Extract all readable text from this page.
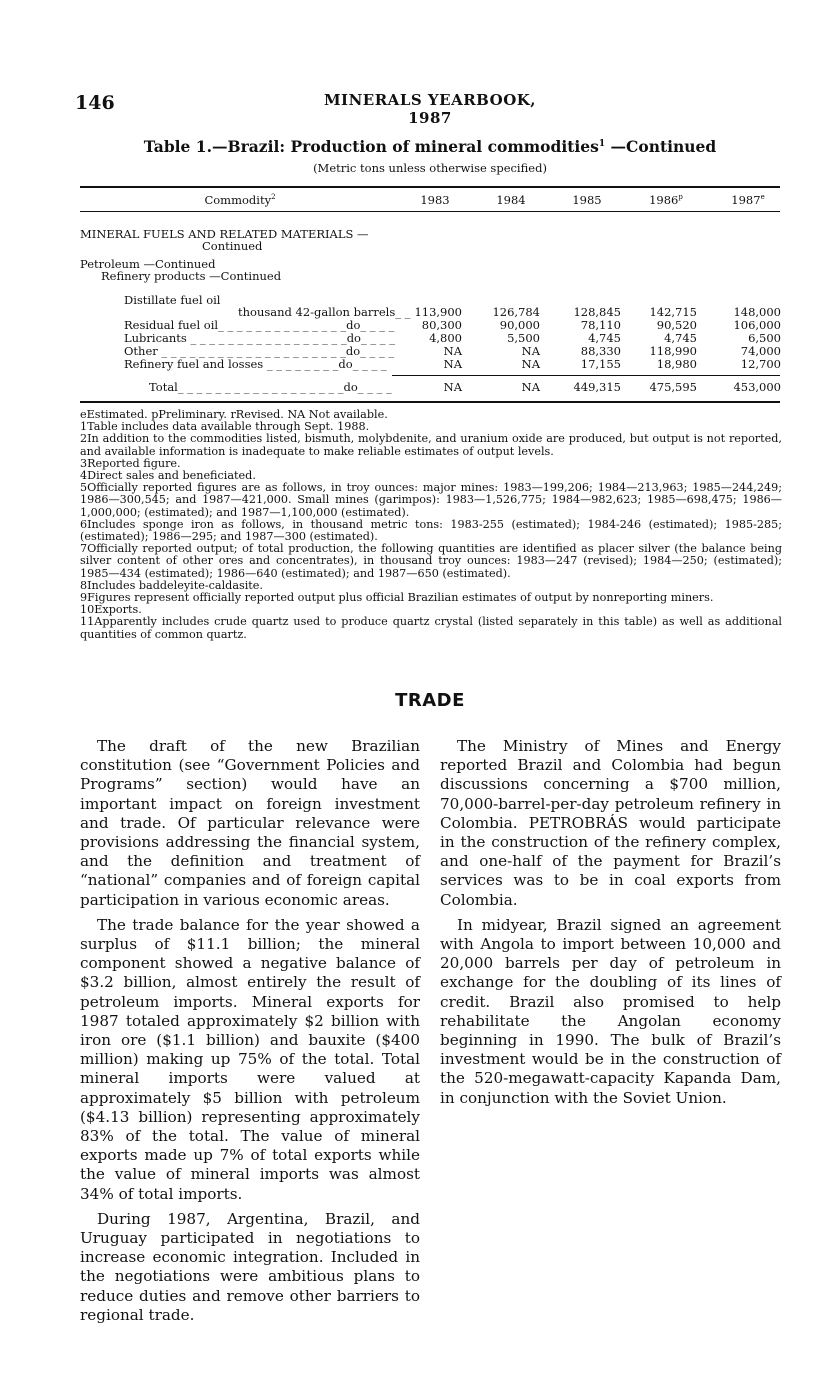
146	MINERALS YEARBOOK, 1987
Table 1.—Brazil: Production of mineral commodities$^1$ —Continued
(Metric tons unless otherwise specified)
Commodity$^2$	1983	1984	1985	1986$^p$	1987e
MINERAL FUELS AND RELATED MATERIALS —
Continued
Petroleum —Continued
Refinery products —Continued
Distillate fuel oil
thousand 42-gallon barrels_ _ 113,900	126,784	128,845	142,715	148,000
Residual fuel oil_ _ _ _ _ _ _ _ _ _ _ _ _ _do_ _ _ _	80,300	90,000	78,110	90,520	106,000
Lubricants _ _ _ _ _ _ _ _ _ _ _ _ _ _ _ _ _do_ _ _ _	4,800	5,500	4,745	4,745	6,500
Other _ _ _ _ _ _ _ _ _ _ _ _ _ _ _ _ _ _ _ _do_ _ _ _	NA	NA	88,330	118,990	74,000
Refinery fuel and losses _ _ _ _ _ _ _ _do_ _ _ _	NA	NA	17,155	18,980	12,700
Total_ _ _ _ _ _ _ _ _ _ _ _ _ _ _ _ _ _do_ _ _ _	NA	NA	449,315	475,595	453,000
eEstimated. pPreliminary. rRevised. NA Not available.
1Table includes data available through Sept. 1988.
2In addition to the commodities listed, bismuth, molybdenite, and uranium oxide are produced, but output is not reported, and available information is inadequate to make reliable estimates of output levels.
3Reported figure.
4Direct sales and beneficiated.
5Officially reported figures are as follows, in troy ounces: major mines: 1983—199,206; 1984—213,963; 1985—244,249; 1986—300,545; and 1987—421,000. Small mines (garimpos): 1983—1,526,775; 1984—982,623; 1985—698,475; 1986—1,000,000; (estimated); and 1987—1,100,000 (estimated).
6Includes sponge iron as follows, in thousand metric tons: 1983-255 (estimated); 1984-246 (estimated); 1985-285; (estimated); 1986—295; and 1987—300 (estimated).
7Officially reported output; of total production, the following quantities are identified as placer silver (the balance being silver content of other ores and concentrates), in thousand troy ounces: 1983—247 (revised); 1984—250; (estimated); 1985—434 (estimated); 1986—640 (estimated); and 1987—650 (estimated).
8Includes baddeleyite-caldasite.
9Figures represent officially reported output plus official Brazilian estimates of output by nonreporting miners.
10Exports.
11Apparently includes crude quartz used to produce quartz crystal (listed separately in this table) as well as additional quantities of common quartz.
TRADE

The draft of the new Brazilian constitution (see “Government Policies and Programs” section) would have an important impact on foreign investment and trade. Of particular relevance were provisions addressing the financial system, and the definition and treatment of “national” companies and of foreign capital participation in various economic areas.

The trade balance for the year showed a surplus of $11.1 billion; the mineral component showed a negative balance of $3.2 billion, almost entirely the result of petroleum imports. Mineral exports for 1987 totaled approximately $2 billion with iron ore ($1.1 billion) and bauxite ($400 million) making up 75% of the total. Total mineral imports were valued at approximately $5 billion with petroleum ($4.13 billion) representing approximately 83% of the total. The value of mineral exports made up 7% of total exports while the value of mineral imports was almost 34% of total imports.

During 1987, Argentina, Brazil, and Uruguay participated in negotiations to increase economic integration. Included in the negotiations were ambitious plans to reduce duties and remove other barriers to regional trade.

The Ministry of Mines and Energy reported Brazil and Colombia had begun discussions concerning a $700 million, 70,000-barrel-per-day petroleum refinery in Colombia. PETROBRÁS would participate in the construction of the refinery complex, and one-half of the payment for Brazil’s services was to be in coal exports from Colombia.

In midyear, Brazil signed an agreement with Angola to import between 10,000 and 20,000 barrels per day of petroleum in exchange for the doubling of its lines of credit. Brazil also promised to help rehabilitate the Angolan economy beginning in 1990. The bulk of Brazil’s investment would be in the construction of the 520-megawatt-capacity Kapanda Dam, in conjunction with the Soviet Union.
